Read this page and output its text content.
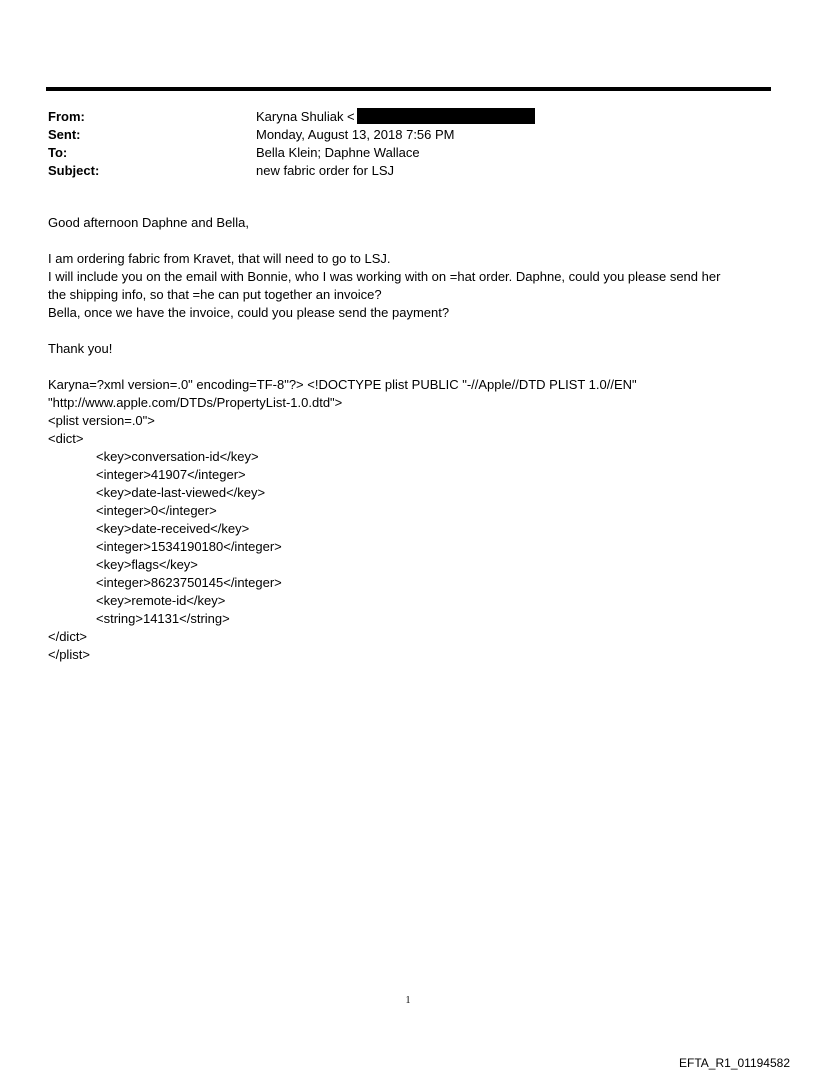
From:	Karyna Shuliak <
Sent:	Monday, August 13, 2018 7:56 PM
To:	Bella Klein; Daphne Wallace
Subject:	new fabric order for LSJ
Good afternoon Daphne and Bella,
I am ordering fabric from Kravet, that will need to go to LSJ.
I will include you on the email with Bonnie, who I was working with on =hat order. Daphne, could you please send her
the shipping info, so that =he can put together an invoice?
Bella, once we have the invoice, could you please send the payment?
Thank you!
Karyna=?xml version=.0" encoding=TF-8"?> <!DOCTYPE plist PUBLIC "-//Apple//DTD PLIST 1.0//EN"
"http://www.apple.com/DTDs/PropertyList-1.0.dtd">
<plist version=.0">
<dict>
<key>conversation-id</key>
<integer>41907</integer>
<key>date-last-viewed</key>
<integer>0</integer>
<key>date-received</key>
<integer>1534190180</integer>
<key>flags</key>
<integer>8623750145</integer>
<key>remote-id</key>
<string>14131</string>
</dict>
</plist>
1
EFTA_R1_01194582
